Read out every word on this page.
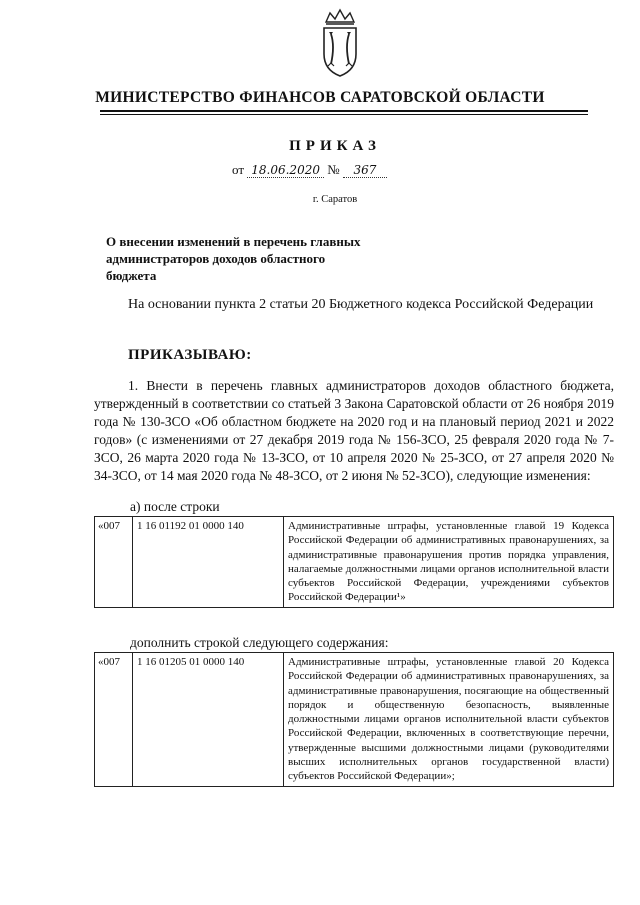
МИНИСТЕРСТВО ФИНАНСОВ САРАТОВСКОЙ ОБЛАСТИ
ПРИКАЗ
от 18.06.2020 № 367
г. Саратов
О внесении изменений в перечень главных администраторов доходов областного бюджета
На основании пункта 2 статьи 20 Бюджетного кодекса Российской Федерации
ПРИКАЗЫВАЮ:
1. Внести в перечень главных администраторов доходов областного бюджета, утвержденный в соответствии со статьей 3 Закона Саратовской области от 26 ноября 2019 года № 130-ЗСО «Об областном бюджете на 2020 год и на плановый период 2021 и 2022 годов» (с изменениями от 27 декабря 2019 года № 156-ЗСО, 25 февраля 2020 года № 7-ЗСО, 26 марта 2020 года № 13-ЗСО, от 10 апреля 2020 № 25-ЗСО, от 27 апреля 2020 № 34-ЗСО, от 14 мая 2020 года № 48-ЗСО, от 2 июня № 52-ЗСО), следующие изменения:
а) после строки
«007	1 16 01192 01 0000 140	Административные штрафы, установленные главой 19 Кодекса Российской Федерации об административных правонарушениях, за административные правонарушения против порядка управления, налагаемые должностными лицами органов исполнительной власти субъектов Российской Федерации, учреждениями субъектов Российской Федерации¹»
дополнить строкой следующего содержания:
«007	1 16 01205 01 0000 140	Административные штрафы, установленные главой 20 Кодекса Российской Федерации об административных правонарушениях, за административные правонарушения, посягающие на общественный порядок и общественную безопасность, выявленные должностными лицами органов исполнительной власти субъектов Российской Федерации, включенных в соответствующие перечни, утвержденные высшими должностными лицами (руководителями высших исполнительных органов государственной власти) субъектов Российской Федерации»;
